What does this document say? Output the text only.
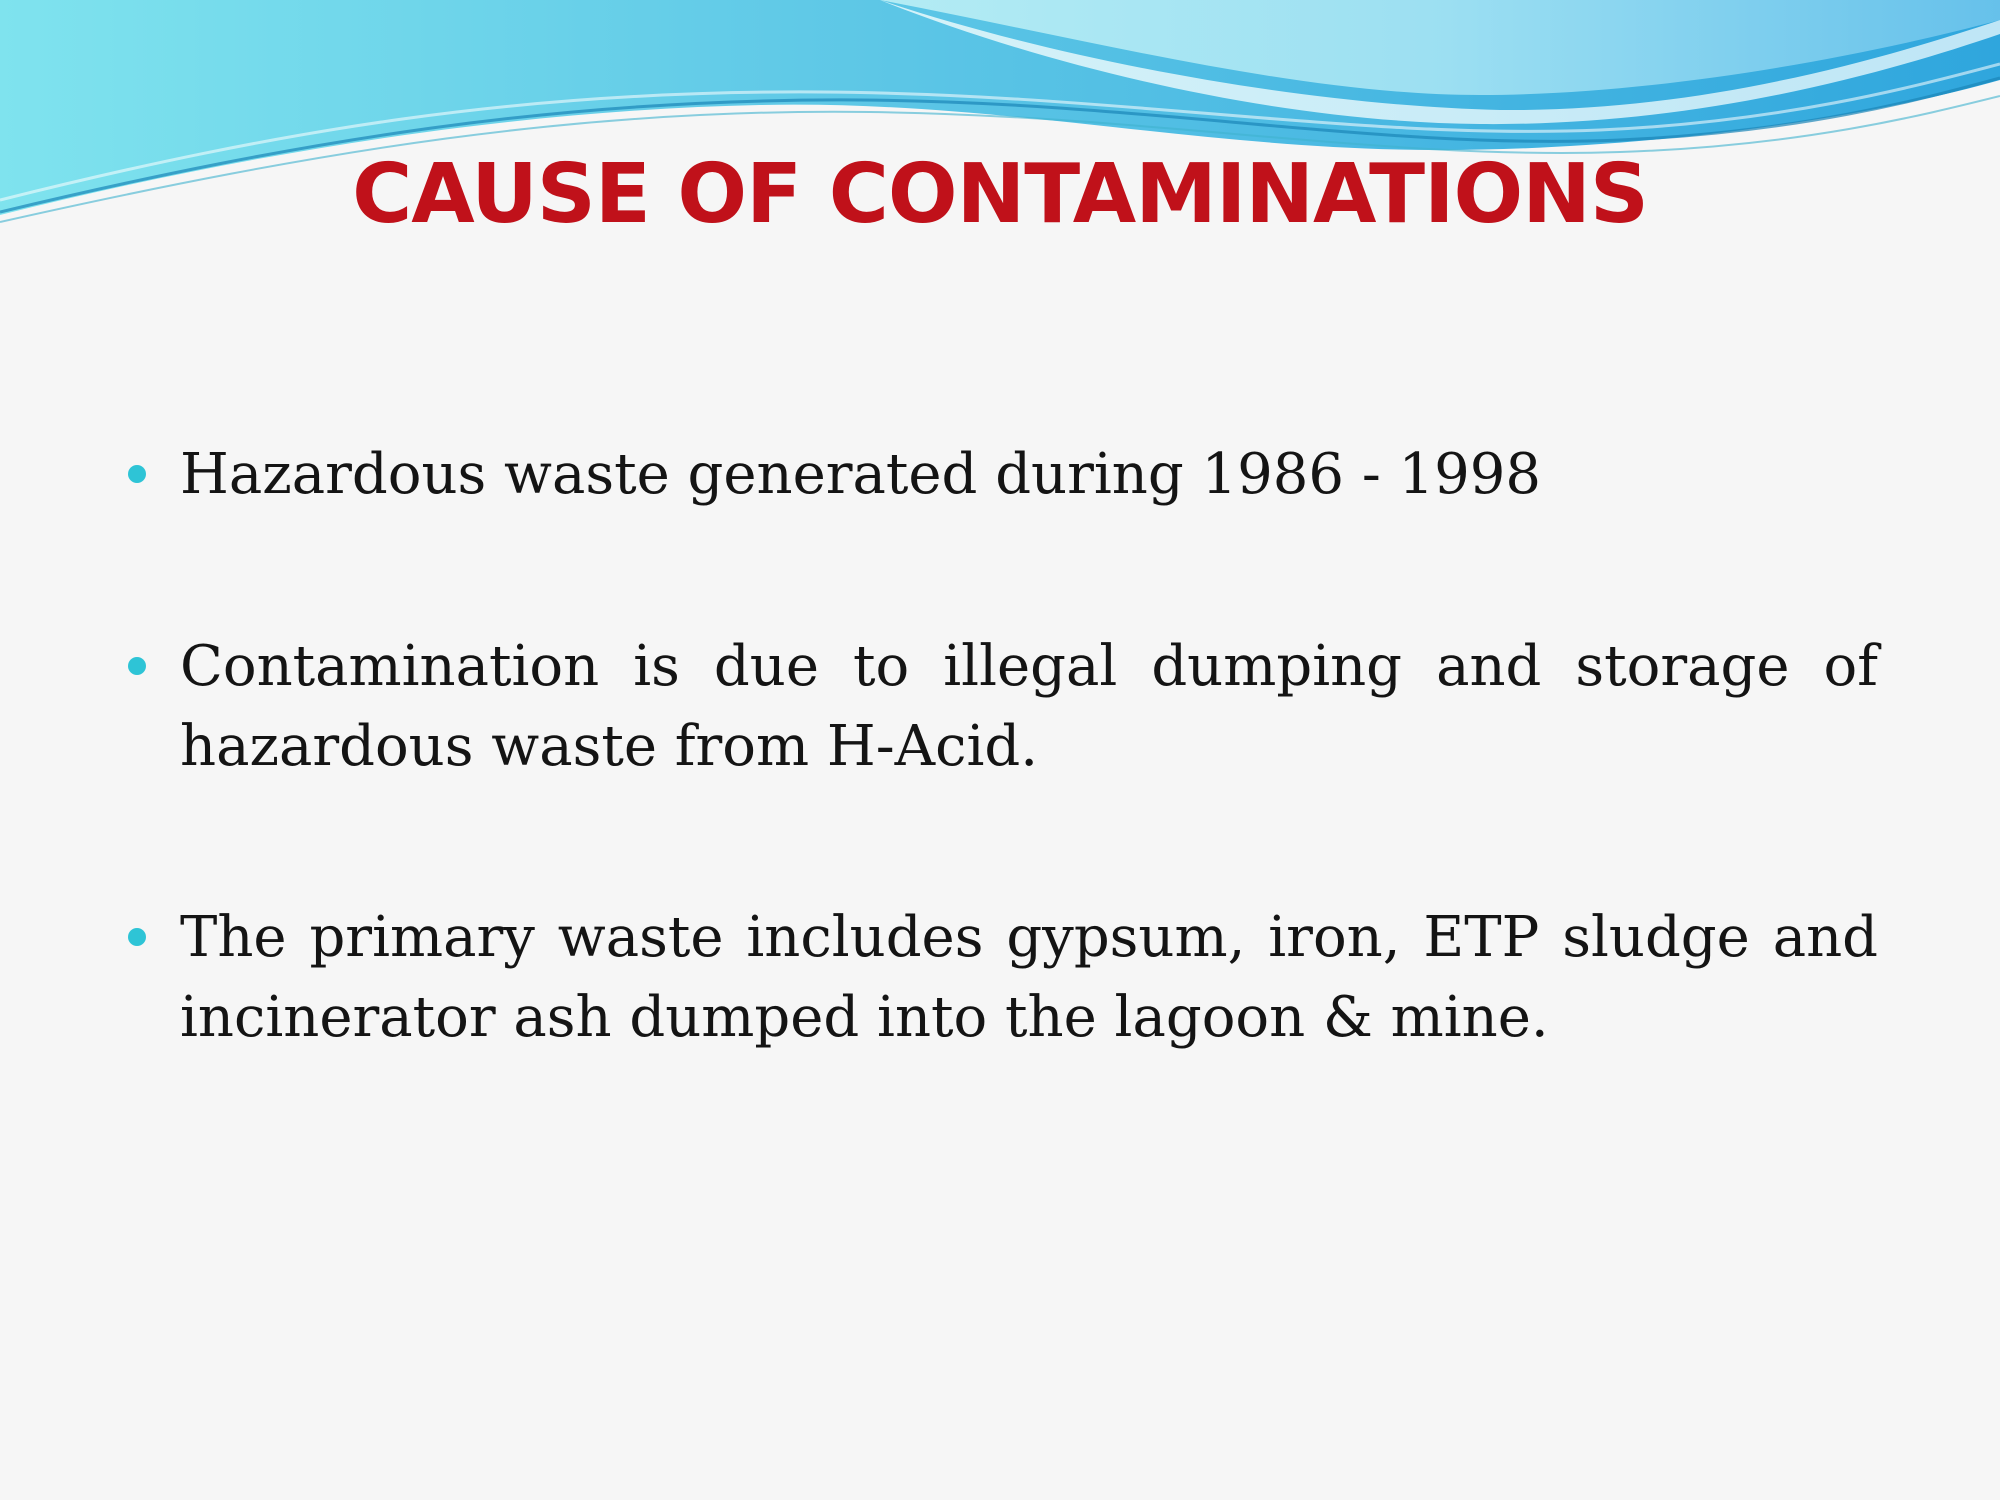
CAUSE OF CONTAMINATIONS

Hazardous waste generated during 1986 - 1998

Contamination is due to illegal dumping and storage of hazardous waste from H-Acid.

The primary waste includes gypsum, iron, ETP sludge and incinerator ash dumped into the lagoon & mine.
